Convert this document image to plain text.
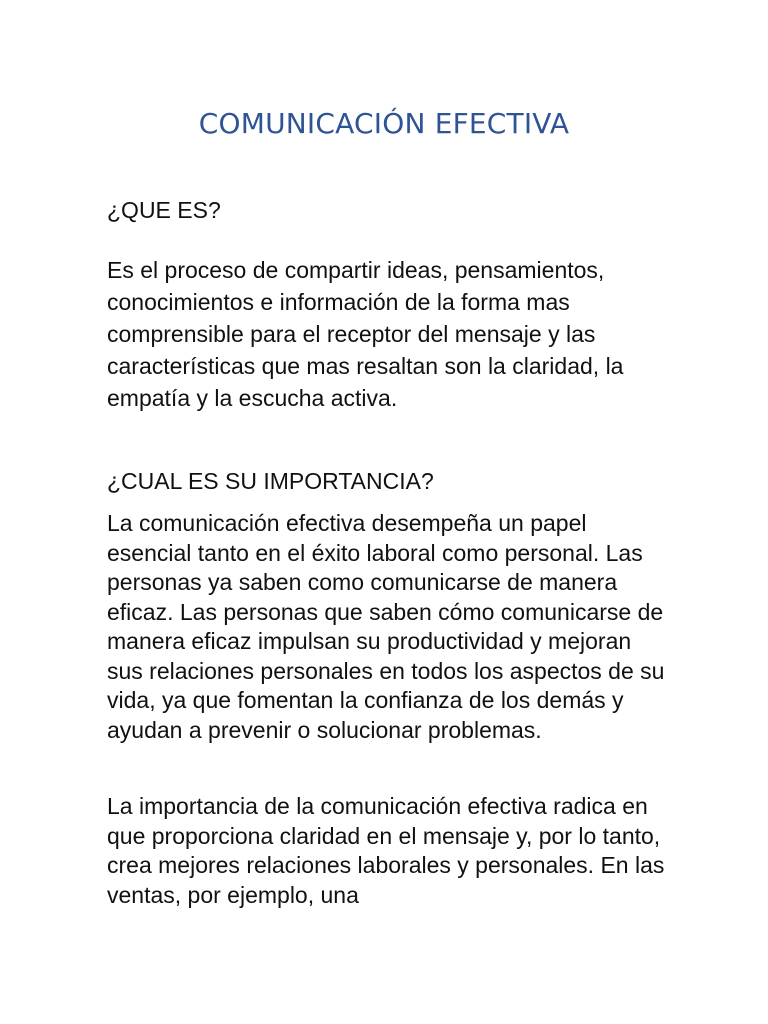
COMUNICACIÓN EFECTIVA
¿QUE ES?
Es el proceso de compartir ideas, pensamientos, conocimientos e información de la forma mas comprensible para el receptor del mensaje y las características que mas resaltan son la claridad, la empatía y la escucha activa.
¿CUAL ES SU IMPORTANCIA?
La comunicación efectiva desempeña un papel esencial tanto en el éxito laboral como personal. Las personas ya saben como comunicarse de manera eficaz. Las personas que saben cómo comunicarse de manera eficaz impulsan su productividad y mejoran sus relaciones personales en todos los aspectos de su vida, ya que fomentan la confianza de los demás y ayudan a prevenir o solucionar problemas.
La importancia de la comunicación efectiva radica en que proporciona claridad en el mensaje y, por lo tanto, crea mejores relaciones laborales y personales. En las ventas, por ejemplo, una
